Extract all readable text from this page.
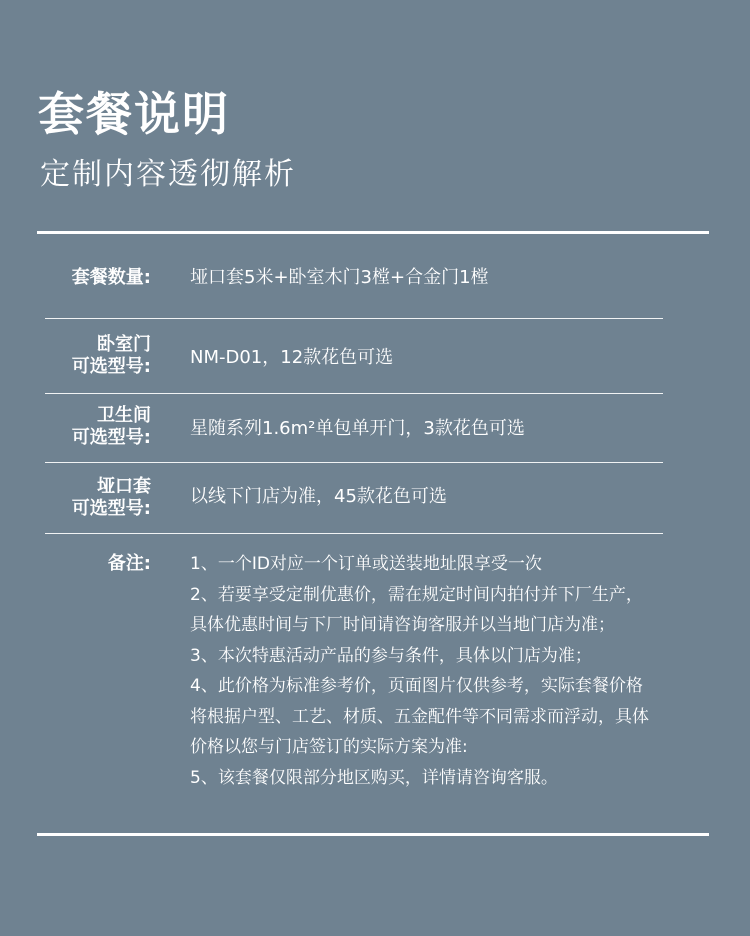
套餐说明
定制内容透彻解析
套餐数量: 垭口套5米+卧室木门3樘+合金门1樘
卧室门
可选型号: NM-D01，12款花色可选
卫生间
可选型号: 星随系列1.6m²单包单开门，3款花色可选
垭口套
可选型号:
以线下门店为准，45款花色可选
备注: 1、一个ID对应一个订单或送装地址限享受一次
2、若要享受定制优惠价，需在规定时间内拍付并下厂生产，
具体优惠时间与下厂时间请咨询客服并以当地门店为准；
3、本次特惠活动产品的参与条件，具体以门店为准；
4、此价格为标准参考价，页面图片仅供参考，实际套餐价格
将根据户型、工艺、材质、五金配件等不同需求而浮动，具体
价格以您与门店签订的实际方案为准:
5、该套餐仅限部分地区购买，详情请咨询客服。
